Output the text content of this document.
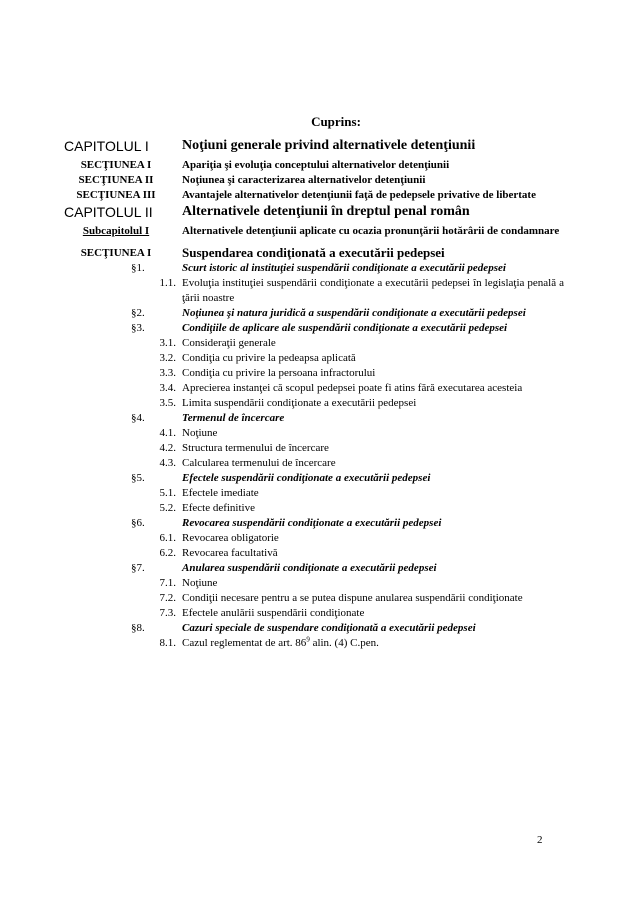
Cuprins:
CAPITOLUL I	Noţiuni generale privind alternativele detenţiunii
SECŢIUNEA I	Apariţia şi evoluţia conceptului alternativelor detenţiunii
SECŢIUNEA II	Noţiunea şi caracterizarea alternativelor detenţiunii
SECŢIUNEA III	Avantajele alternativelor detenţiunii faţă de pedepsele privative de libertate
CAPITOLUL II	Alternativele detenţiunii în dreptul penal român
Subcapitolul I	Alternativele detenţiunii aplicate cu ocazia pronunţării hotărârii de condamnare
SECŢIUNEA I	Suspendarea condiţionată a executării pedepsei
§1.	Scurt istoric al instituţiei suspendării condiţionate a executării pedepsei
1.1. Evoluţia instituţiei suspendării condiţionate a executării pedepsei în legislaţia penală a ţării noastre
§2.	Noţiunea şi natura juridică a suspendării condiţionate a executării pedepsei
§3.	Condiţiile de aplicare ale suspendării condiţionate a executării pedepsei
3.1. Consideraţii generale
3.2. Condiţia cu privire la pedeapsa aplicată
3.3. Condiţia cu privire la persoana infractorului
3.4. Aprecierea instanţei că scopul pedepsei poate fi atins fără executarea acesteia
3.5. Limita suspendării condiţionate a executării pedepsei
§4.	Termenul de încercare
4.1. Noţiune
4.2. Structura termenului de încercare
4.3. Calcularea termenului de încercare
§5.	Efectele suspendării condiţionate a executării pedepsei
5.1. Efectele imediate
5.2. Efecte definitive
§6.	Revocarea suspendării condiţionate a executării pedepsei
6.1. Revocarea obligatorie
6.2. Revocarea facultativă
§7.	Anularea suspendării condiţionate a executării pedepsei
7.1. Noţiune
7.2. Condiţii necesare pentru a se putea dispune anularea suspendării condiţionate
7.3. Efectele anulării suspendării condiţionate
§8.	Cazuri speciale de suspendare condiţionată a executării pedepsei
8.1. Cazul reglementat de art. $86^9$ alin. (4) C.pen.
2
